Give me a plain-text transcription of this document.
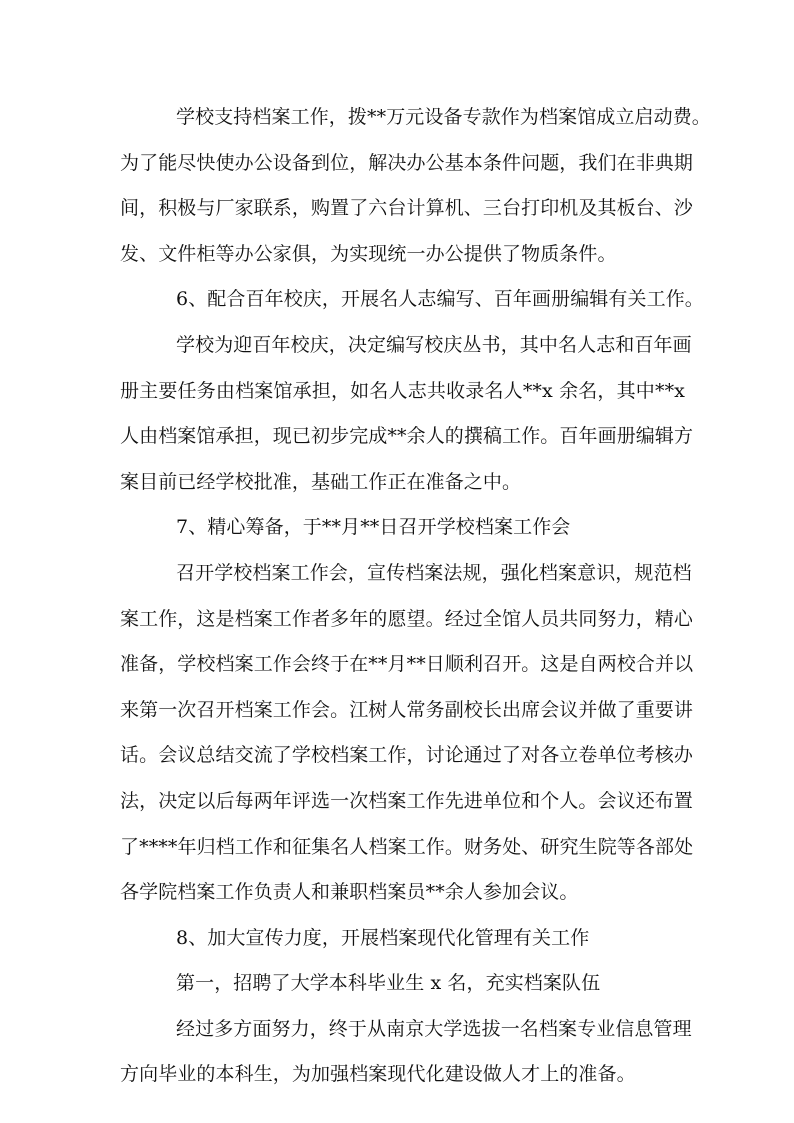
学校支持档案工作，拨**万元设备专款作为档案馆成立启动费。
为了能尽快使办公设备到位，解决办公基本条件问题，我们在非典期
间，积极与厂家联系，购置了六台计算机、三台打印机及其板台、沙
发、文件柜等办公家俱，为实现统一办公提供了物质条件。
6、配合百年校庆，开展名人志编写、百年画册编辑有关工作。
学校为迎百年校庆，决定编写校庆丛书，其中名人志和百年画
册主要任务由档案馆承担，如名人志共收录名人**x 余名，其中**x
人由档案馆承担，现已初步完成**余人的撰稿工作。百年画册编辑方
案目前已经学校批准，基础工作正在准备之中。
7、精心筹备，于**月**日召开学校档案工作会
召开学校档案工作会，宣传档案法规，强化档案意识，规范档
案工作，这是档案工作者多年的愿望。经过全馆人员共同努力，精心
准备，学校档案工作会终于在**月**日顺利召开。这是自两校合并以
来第一次召开档案工作会。江树人常务副校长出席会议并做了重要讲
话。会议总结交流了学校档案工作，讨论通过了对各立卷单位考核办
法，决定以后每两年评选一次档案工作先进单位和个人。会议还布置
了****年归档工作和征集名人档案工作。财务处、研究生院等各部处
各学院档案工作负责人和兼职档案员**余人参加会议。
8、加大宣传力度，开展档案现代化管理有关工作
第一，招聘了大学本科毕业生 x 名，充实档案队伍
经过多方面努力，终于从南京大学选拔一名档案专业信息管理
方向毕业的本科生，为加强档案现代化建设做人才上的准备。
